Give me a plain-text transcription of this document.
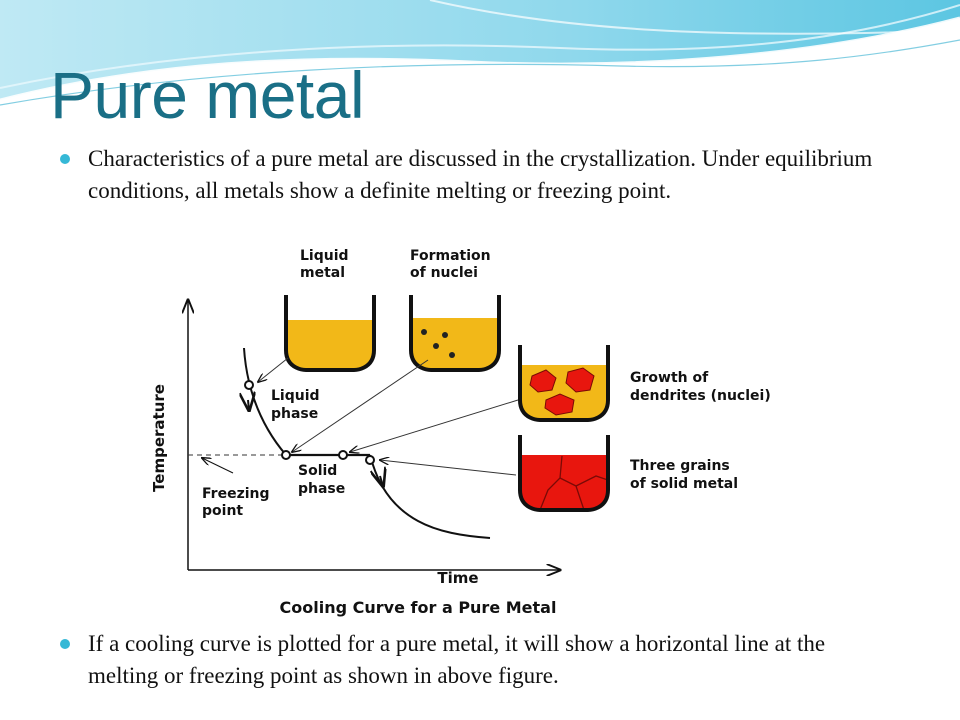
Pure metal
Characteristics of a pure metal are discussed in the crystallization. Under equilibrium conditions, all metals show a definite melting or freezing point.
Temperature
Time
Freezing
point
Liquid
phase
Solid
phase
Liquid
metal
Formation
of nuclei
Growth of
dendrites (nuclei)
Three grains
of solid metal
Cooling Curve for a Pure Metal
If a cooling curve is plotted for a pure metal, it will show a horizontal line at the melting or freezing point as shown in above figure.
